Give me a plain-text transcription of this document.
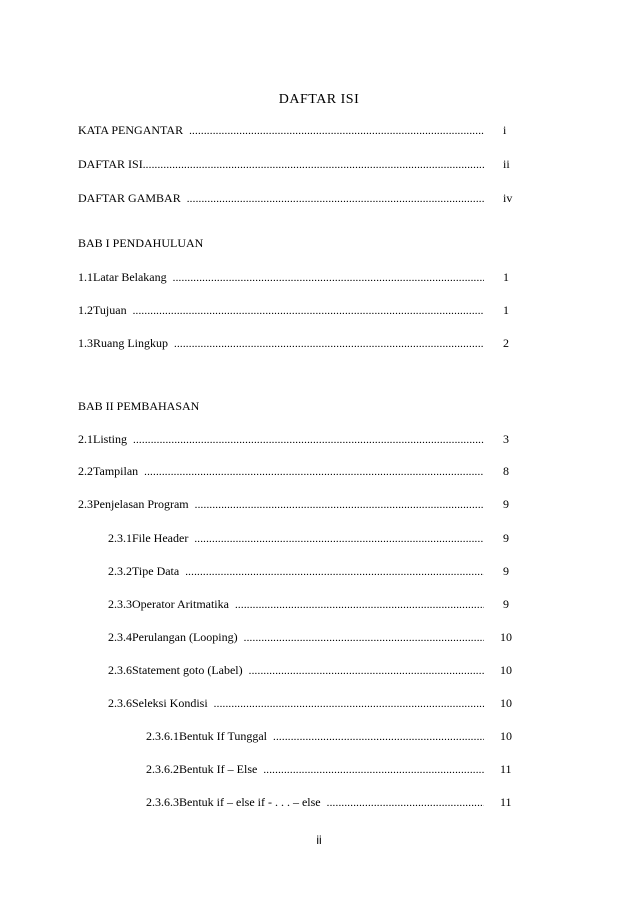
DAFTAR ISI
KATA PENGANTAR .....	i
DAFTAR ISI .....	ii
DAFTAR GAMBAR .....	iv
BAB I PENDAHULUAN
1.1 Latar Belakang .....	1
1.2 Tujuan .....	1
1.3 Ruang Lingkup .....	2
BAB II PEMBAHASAN
2.1 Listing .....	3
2.2 Tampilan .....	8
2.3 Penjelasan Program .....	9
2.3.1 File Header .....	9
2.3.2 Tipe Data .....	9
2.3.3 Operator Aritmatika .....	9
2.3.4 Perulangan (Looping) .....	10
2.3.6 Statement goto (Label) .....	10
2.3.6 Seleksi Kondisi .....	10
2.3.6.1 Bentuk If Tunggal .....	10
2.3.6.2 Bentuk If – Else .....	11
2.3.6.3 Bentuk if – else if - . . . – else .....	11
ii
